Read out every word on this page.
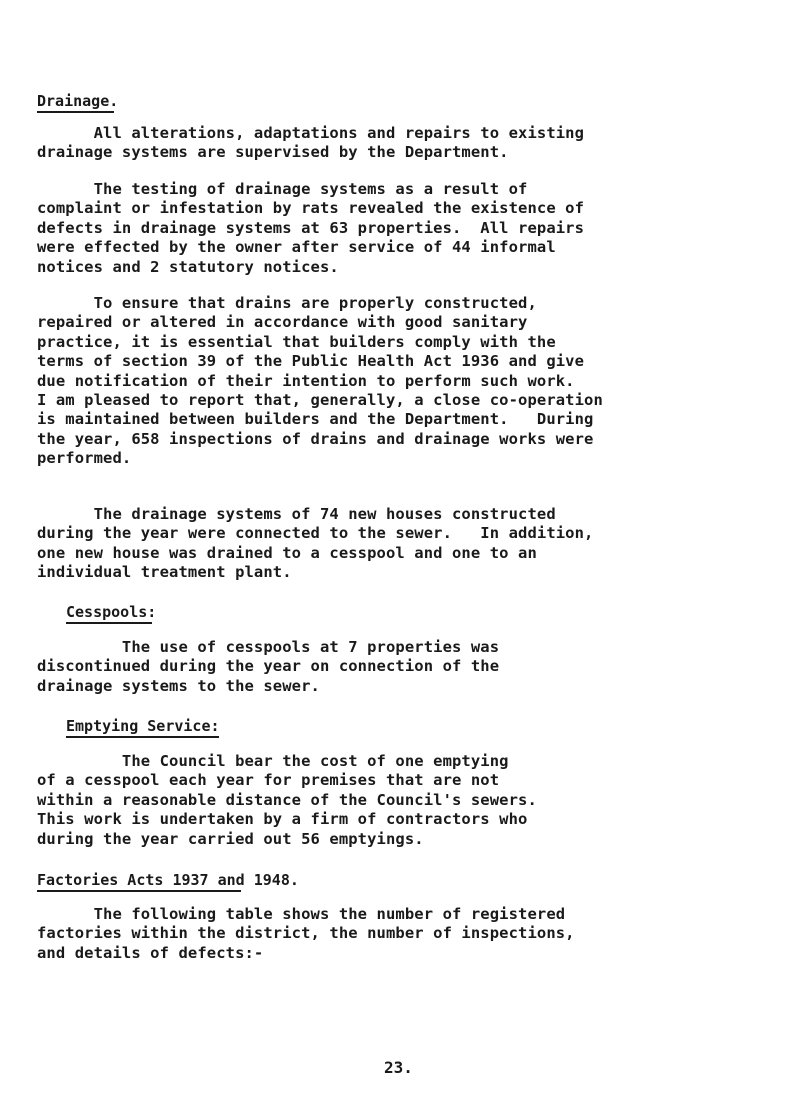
Drainage.
All alterations, adaptations and repairs to existing
drainage systems are supervised by the Department.
The testing of drainage systems as a result of
complaint or infestation by rats revealed the existence of
defects in drainage systems at 63 properties.  All repairs
were effected by the owner after service of 44 informal
notices and 2 statutory notices.
To ensure that drains are properly constructed,
repaired or altered in accordance with good sanitary
practice, it is essential that builders comply with the
terms of section 39 of the Public Health Act 1936 and give
due notification of their intention to perform such work.
I am pleased to report that, generally, a close co-operation
is maintained between builders and the Department.   During
the year, 658 inspections of drains and drainage works were
performed.
The drainage systems of 74 new houses constructed
during the year were connected to the sewer.   In addition,
one new house was drained to a cesspool and one to an
individual treatment plant.
Cesspools:
The use of cesspools at 7 properties was
discontinued during the year on connection of the
drainage systems to the sewer.
Emptying Service:
The Council bear the cost of one emptying
of a cesspool each year for premises that are not
within a reasonable distance of the Council's sewers.
This work is undertaken by a firm of contractors who
during the year carried out 56 emptyings.
Factories Acts 1937 and 1948.
The following table shows the number of registered
factories within the district, the number of inspections,
and details of defects:-
23.
